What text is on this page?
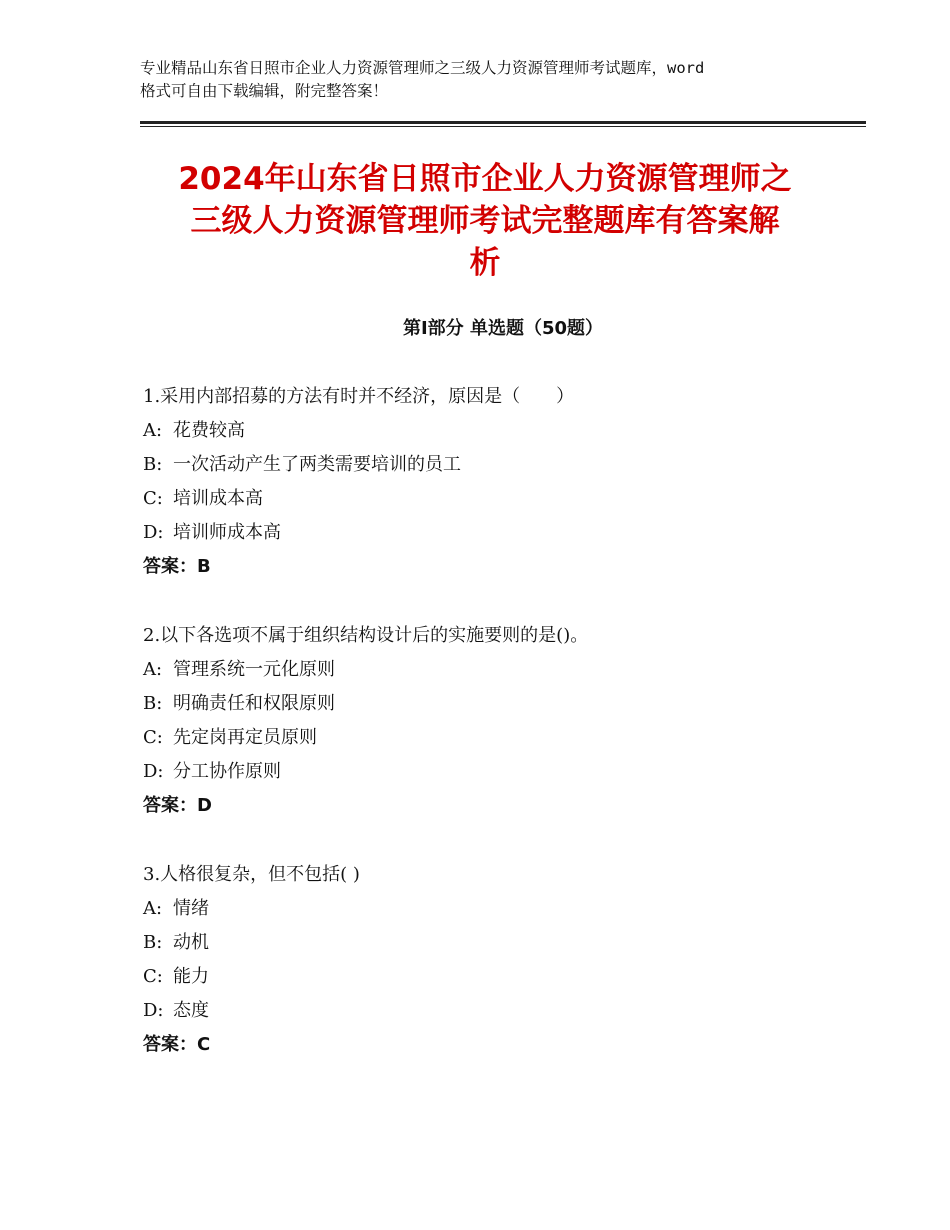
专业精品山东省日照市企业人力资源管理师之三级人力资源管理师考试题库，word
格式可自由下载编辑，附完整答案！
2024年山东省日照市企业人力资源管理师之
三级人力资源管理师考试完整题库有答案解
析
第Ⅰ部分 单选题（50题）
1.采用内部招募的方法有时并不经济，原因是（　　）
A: 花费较高
B: 一次活动产生了两类需要培训的员工
C: 培训成本高
D: 培训师成本高
答案：B
2.以下各选项不属于组织结构设计后的实施要则的是()。
A: 管理系统一元化原则
B: 明确责任和权限原则
C: 先定岗再定员原则
D: 分工协作原则
答案：D
3.人格很复杂，但不包括( )
A: 情绪
B: 动机
C: 能力
D: 态度
答案：C
